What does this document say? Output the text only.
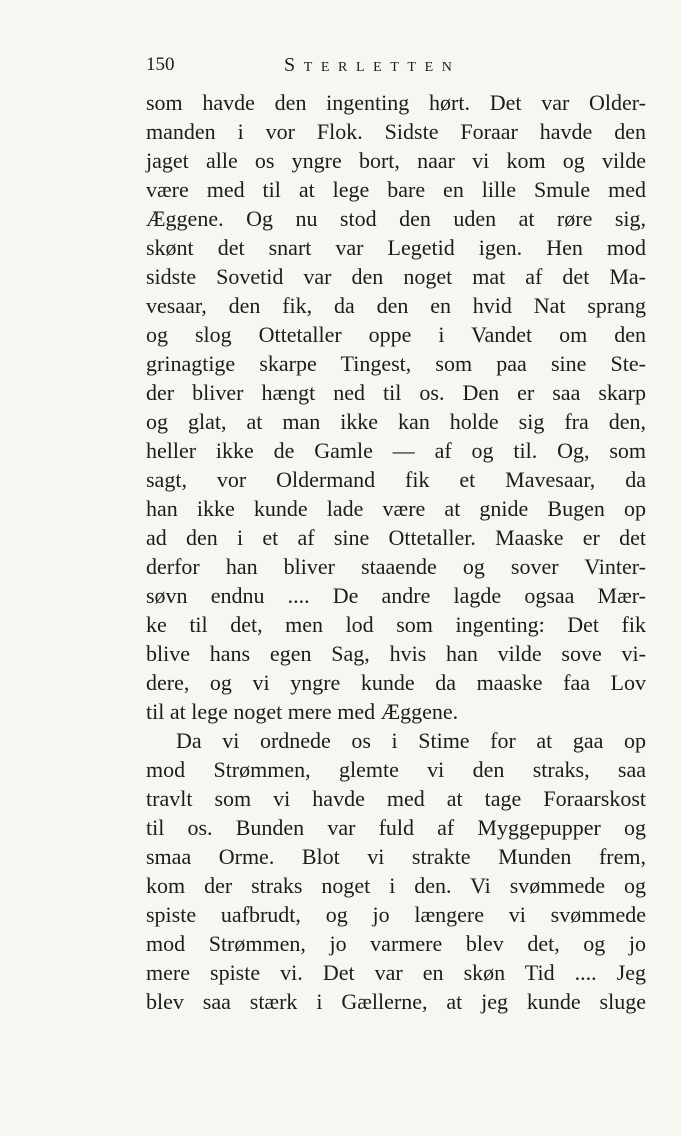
150	Sterletten
som havde den ingenting hørt. Det var Older-
manden i vor Flok. Sidste Foraar havde den
jaget alle os yngre bort, naar vi kom og vilde
være med til at lege bare en lille Smule med
Æggene. Og nu stod den uden at røre sig,
skønt det snart var Legetid igen. Hen mod
sidste Sovetid var den noget mat af det Ma-
vesaar, den fik, da den en hvid Nat sprang
og slog Ottetaller oppe i Vandet om den
grinagtige skarpe Tingest, som paa sine Ste-
der bliver hængt ned til os. Den er saa skarp
og glat, at man ikke kan holde sig fra den,
heller ikke de Gamle — af og til. Og, som
sagt, vor Oldermand fik et Mavesaar, da
han ikke kunde lade være at gnide Bugen op
ad den i et af sine Ottetaller. Maaske er det
derfor han bliver staaende og sover Vinter-
søvn endnu .... De andre lagde ogsaa Mær-
ke til det, men lod som ingenting: Det fik
blive hans egen Sag, hvis han vilde sove vi-
dere, og vi yngre kunde da maaske faa Lov
til at lege noget mere med Æggene.
Da vi ordnede os i Stime for at gaa op
mod Strømmen, glemte vi den straks, saa
travlt som vi havde med at tage Foraarskost
til os. Bunden var fuld af Myggepupper og
smaa Orme. Blot vi strakte Munden frem,
kom der straks noget i den. Vi svømmede og
spiste uafbrudt, og jo længere vi svømmede
mod Strømmen, jo varmere blev det, og jo
mere spiste vi. Det var en skøn Tid .... Jeg
blev saa stærk i Gællerne, at jeg kunde sluge
